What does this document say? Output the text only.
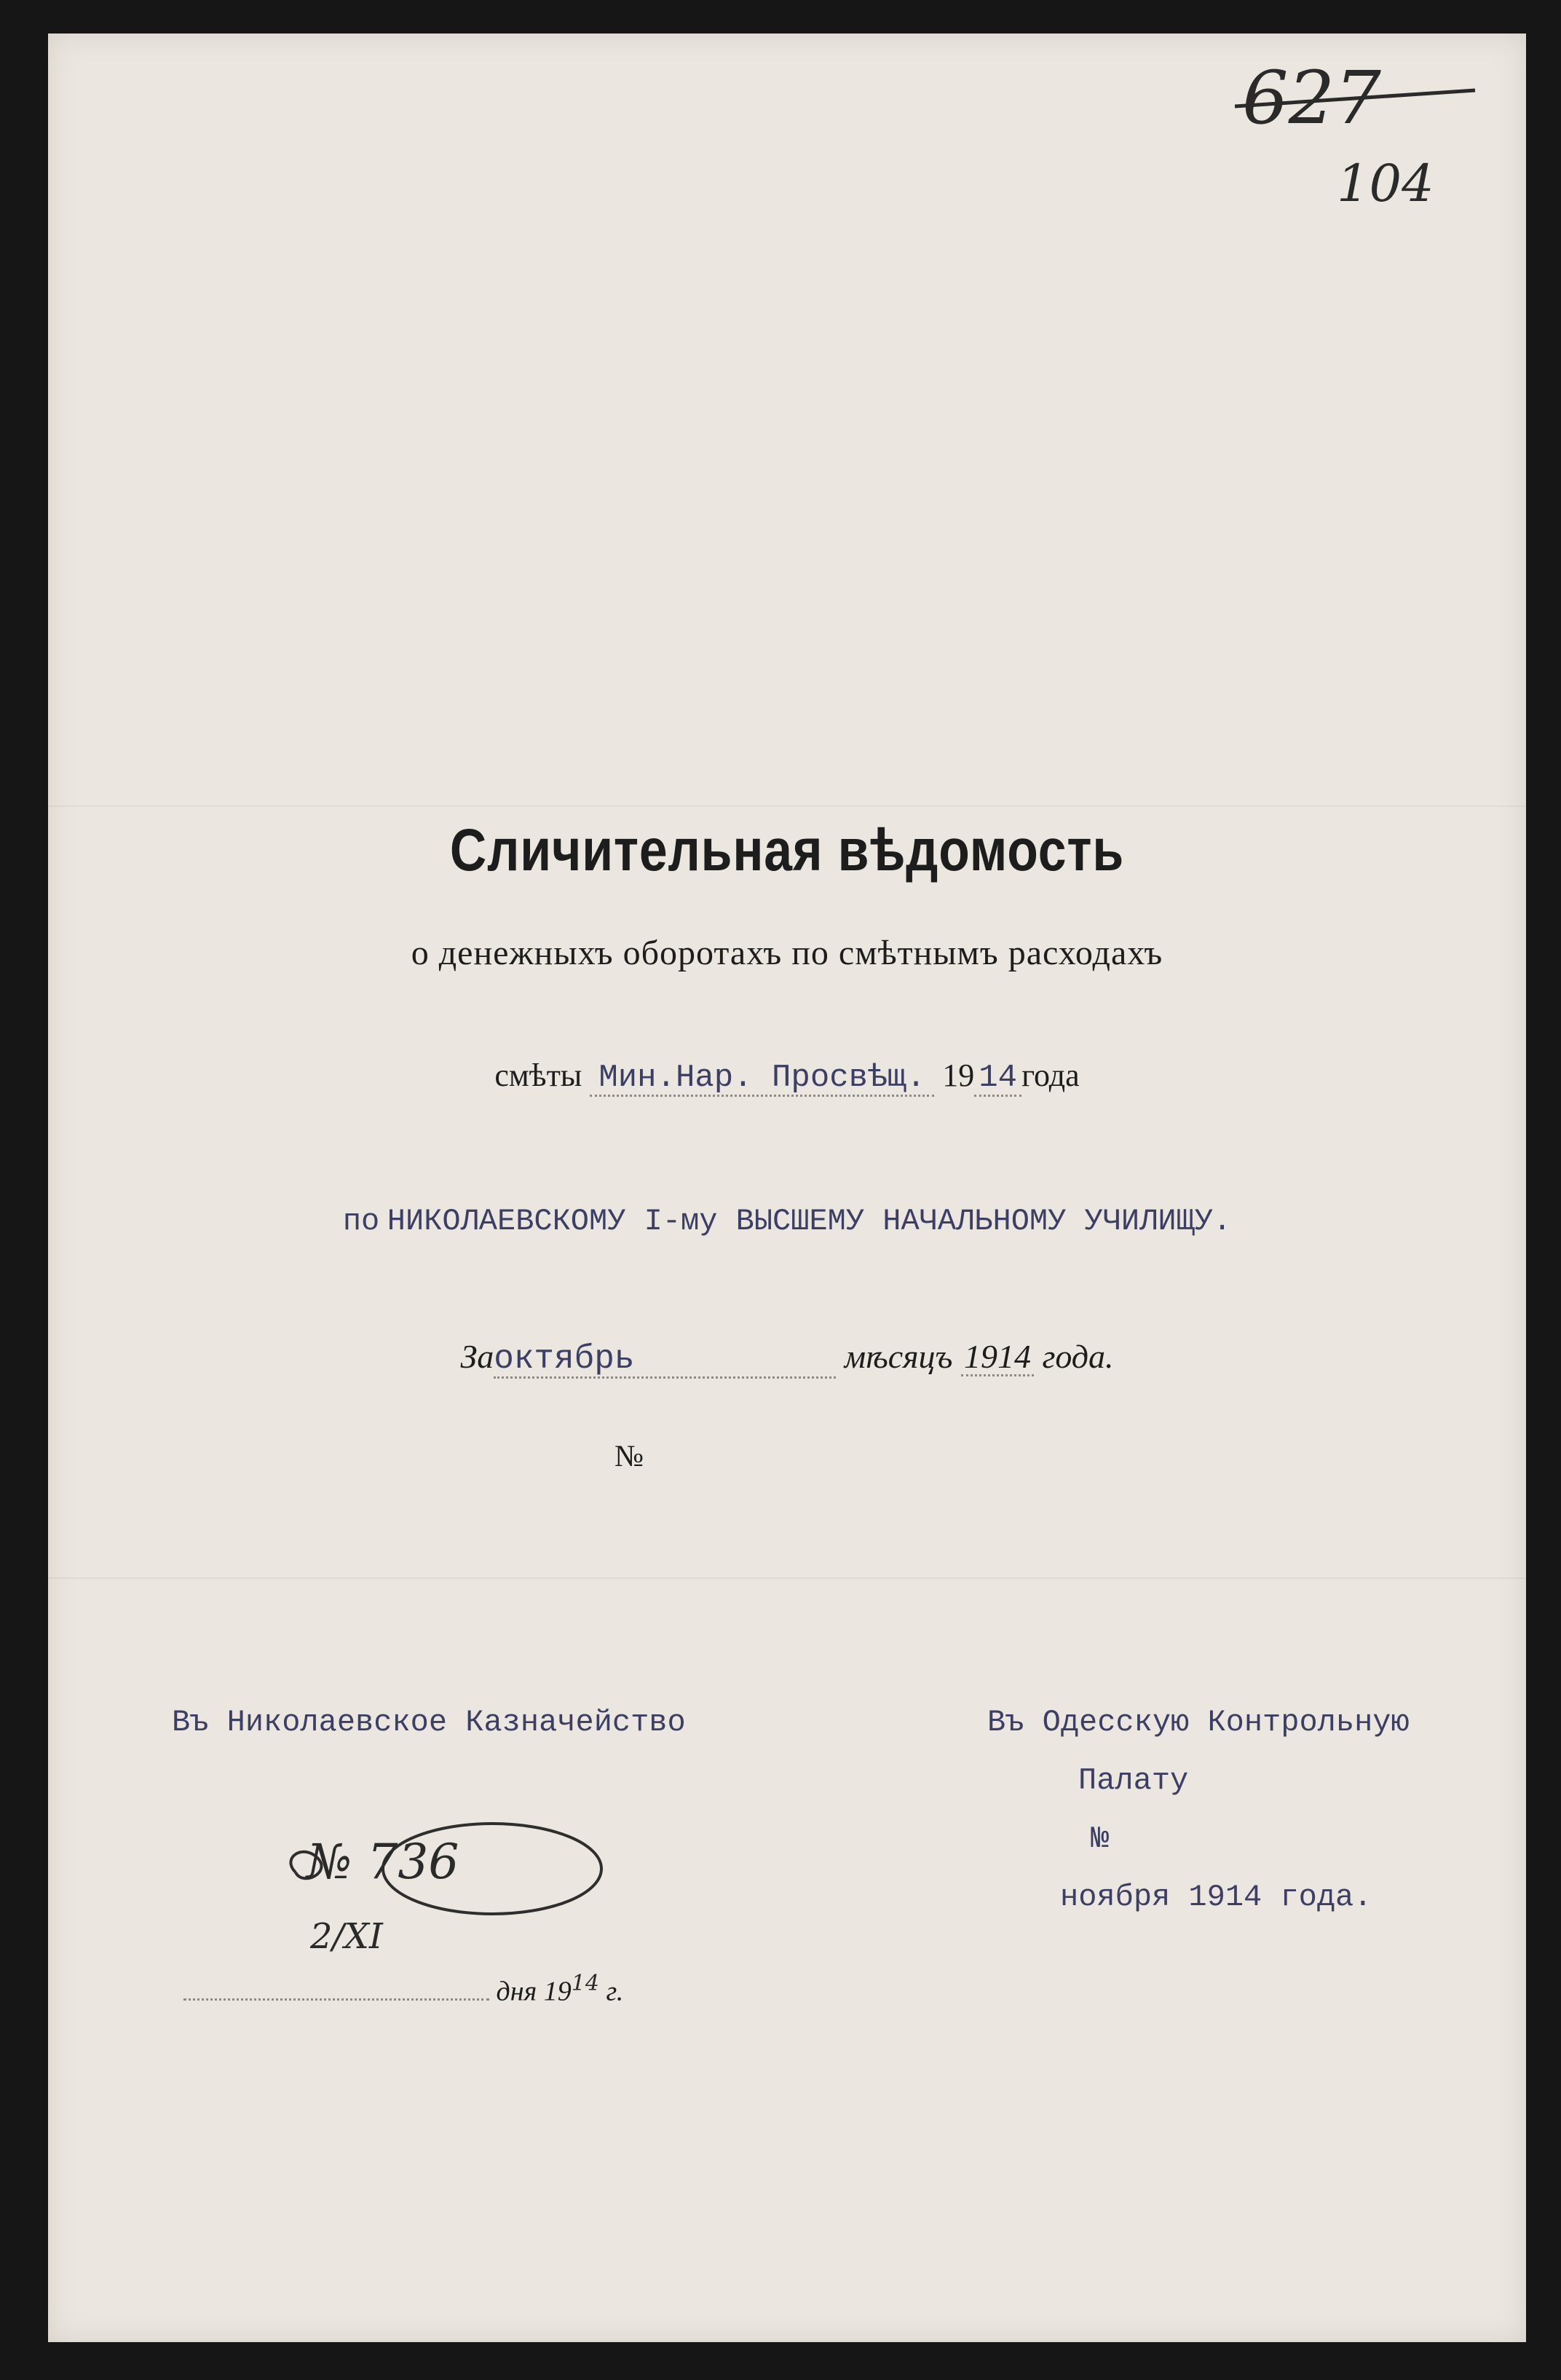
627
104
Сличительная вѣдомость
о денежныхъ оборотахъ по смѣтнымъ расходахъ
смѣты Мин.Нар. Просвѣщ. 19 14 года
по НИКОЛАЕВСКОМУ I-му ВЫСШЕМУ НАЧАЛЬНОМУ УЧИЛИЩУ.
Заоктябрь	мѣсяцъ 1914 года.
№
Въ Николаевское Казначейство	Въ Одесскую Контрольную
Палату
№
ноября 1914 года.
№ 736
2/XI
дня $19^{14}$ г.
